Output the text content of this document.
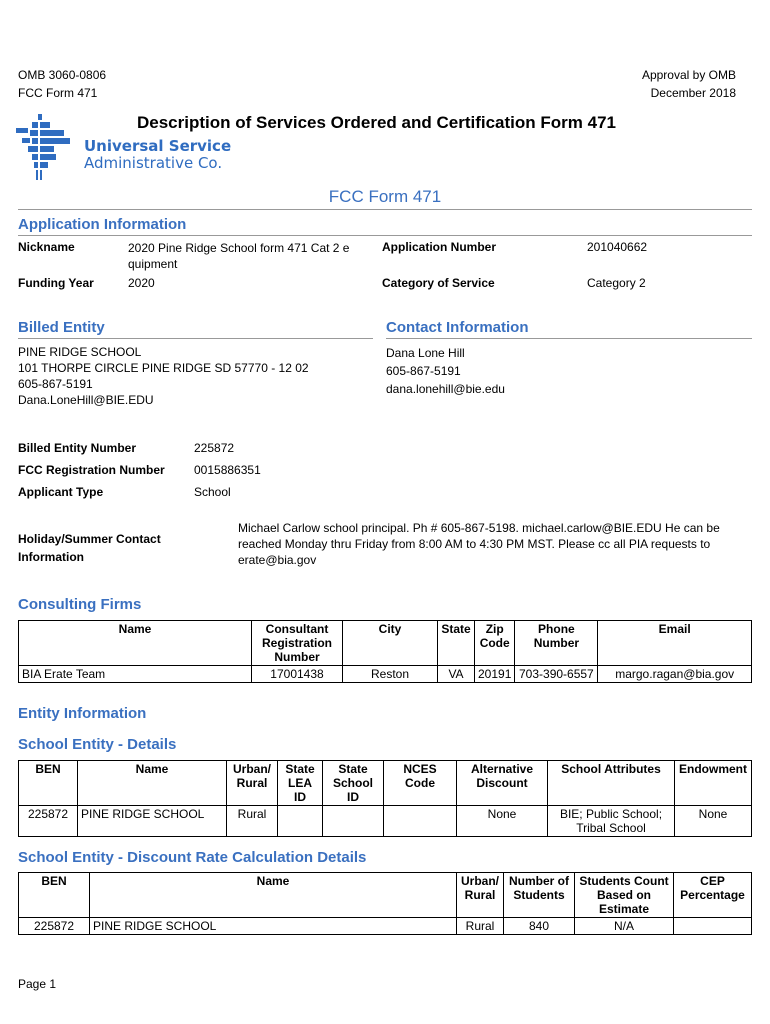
OMB 3060-0806
FCC Form 471
Approval by OMB
December 2018
Description of Services Ordered and Certification Form 471
Universal Service
Administrative Co.
FCC Form 471
Application Information
Nickname	2020 Pine Ridge School form 471 Cat 2 e quipment
Application Number	201040662
Funding Year	2020	Category of Service	Category 2
Billed Entity
PINE RIDGE SCHOOL
101 THORPE CIRCLE PINE RIDGE SD 57770 - 12 02
605-867-5191
Dana.LoneHill@BIE.EDU
Contact Information
Dana Lone Hill
605-867-5191
dana.lonehill@bie.edu
Billed Entity Number	225872
FCC Registration Number 0015886351
Applicant Type	School
Holiday/Summer Contact Information
Michael Carlow school principal. Ph # 605-867-5198. michael.carlow@BIE.EDU He can be reached Monday thru Friday from 8:00 AM to 4:30 PM MST. Please cc all PIA requests to erate@bia.gov
Consulting Firms
Name	Consultant Registration Number	City	State	Zip Code	Phone Number	Email
BIA Erate Team	17001438	Reston	VA	20191	703-390-6557	margo.ragan@bia.gov
Entity Information
School Entity - Details
BEN	Name	Urban/ Rural	State LEA ID	State School ID	NCES Code	Alternative Discount	School Attributes	Endowment
225872	PINE RIDGE SCHOOL	Rural				None	BIE; Public School; Tribal School	None
School Entity - Discount Rate Calculation Details
BEN	Name	Urban/ Rural	Number of Students	Students Count Based on Estimate	CEP Percentage
225872	PINE RIDGE SCHOOL	Rural	840	N/A	
Page 1
